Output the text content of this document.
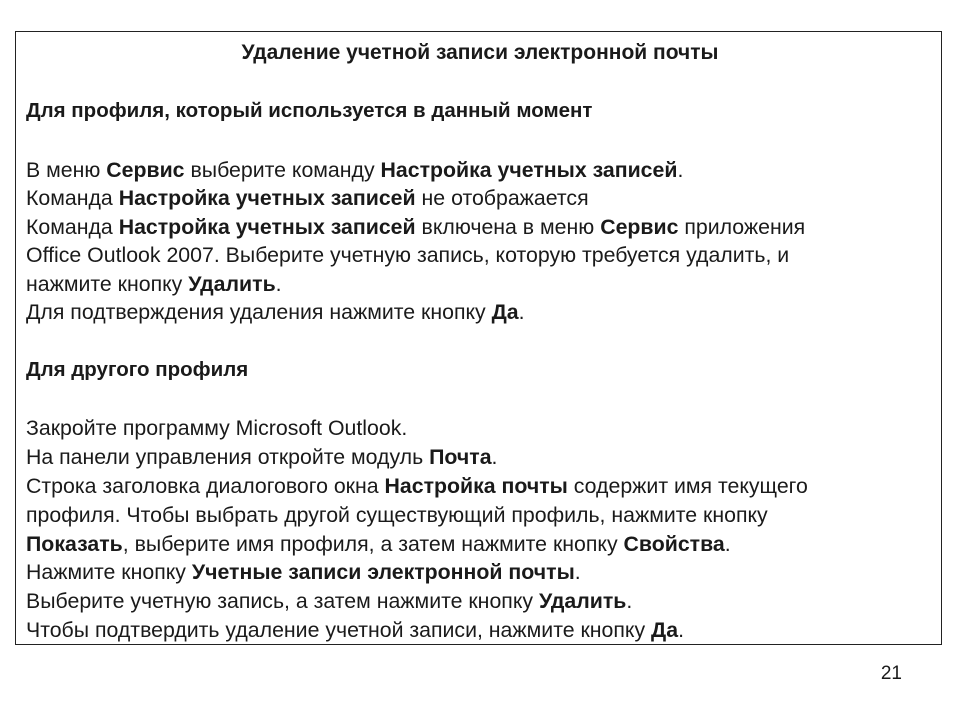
Удаление учетной записи электронной почты
Для профиля, который используется в данный момент
В меню Сервис выберите команду Настройка учетных записей.
Команда Настройка учетных записей не отображается
Команда Настройка учетных записей включена в меню Сервис приложения
Office Outlook 2007. Выберите учетную запись, которую требуется удалить, и
нажмите кнопку Удалить.
Для подтверждения удаления нажмите кнопку Да.
Для другого профиля
Закройте программу Microsoft Outlook.
На панели управления откройте модуль Почта.
Строка заголовка диалогового окна Настройка почты содержит имя текущего
профиля. Чтобы выбрать другой существующий профиль, нажмите кнопку
Показать, выберите имя профиля, а затем нажмите кнопку Свойства.
Нажмите кнопку Учетные записи электронной почты.
Выберите учетную запись, а затем нажмите кнопку Удалить.
Чтобы подтвердить удаление учетной записи, нажмите кнопку Да.
21
